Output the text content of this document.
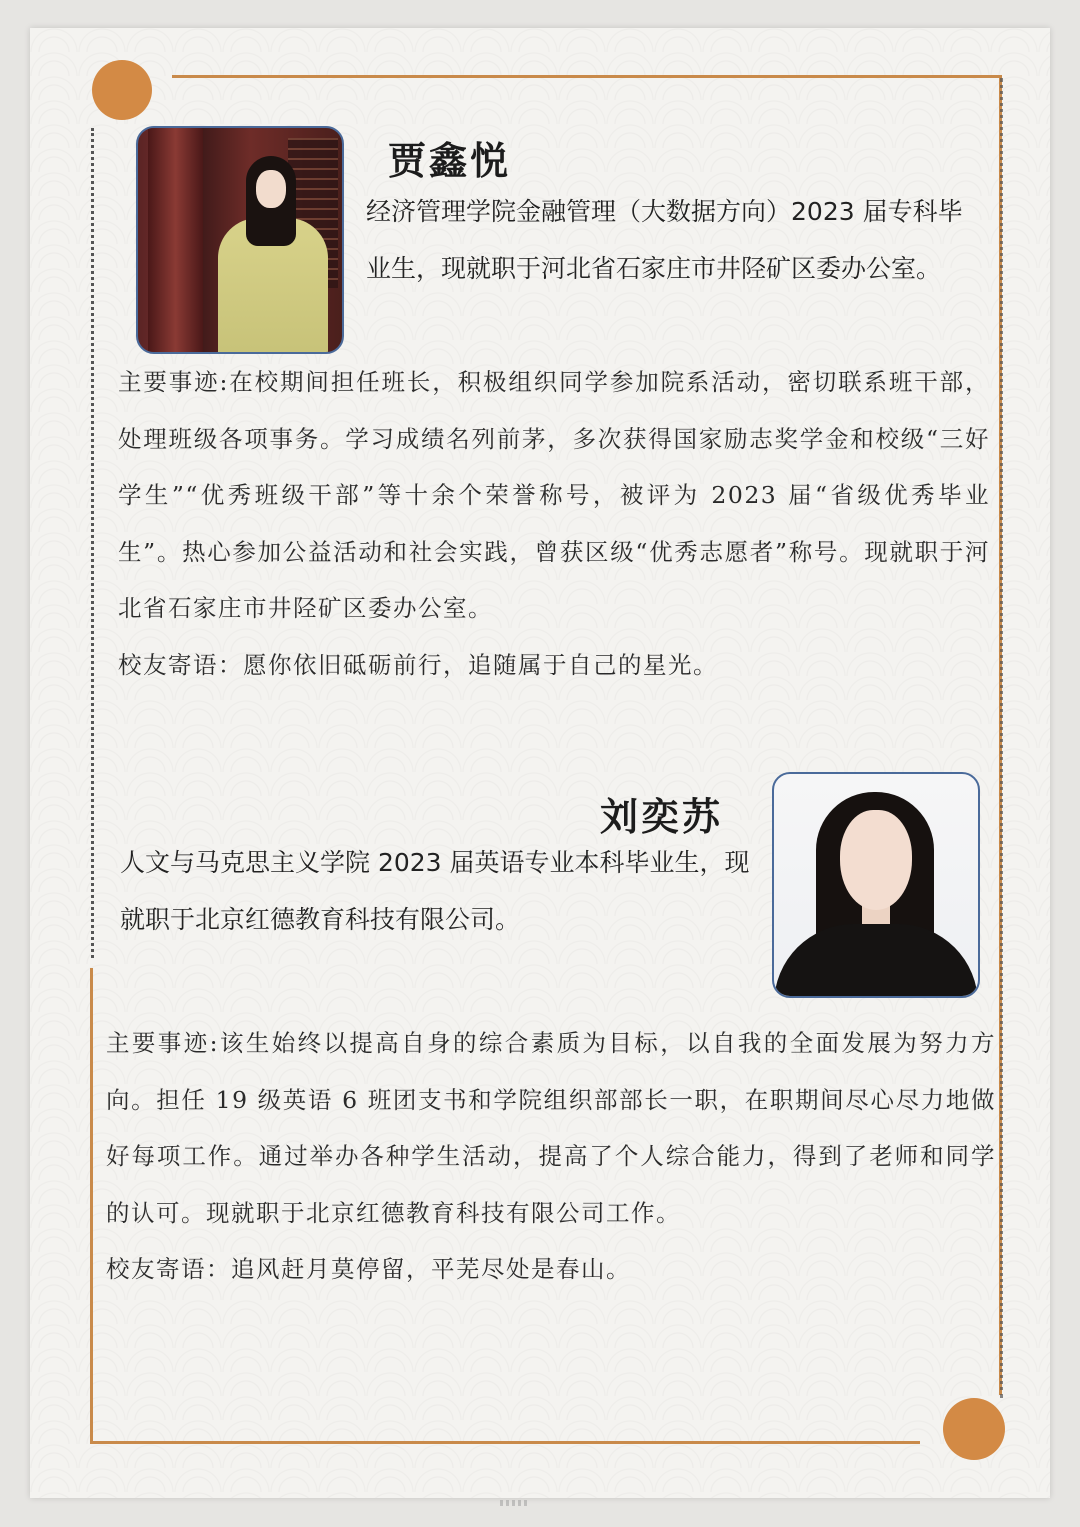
贾鑫悦
经济管理学院金融管理（大数据方向）2023 届专科毕业生，现就职于河北省石家庄市井陉矿区委办公室。

主要事迹:在校期间担任班长，积极组织同学参加院系活动，密切联系班干部，处理班级各项事务。学习成绩名列前茅，多次获得国家励志奖学金和校级“三好学生”“优秀班级干部”等十余个荣誉称号，被评为 2023 届“省级优秀毕业生”。热心参加公益活动和社会实践，曾获区级“优秀志愿者”称号。现就职于河北省石家庄市井陉矿区委办公室。

校友寄语：愿你依旧砥砺前行，追随属于自己的星光。

刘奕苏
人文与马克思主义学院 2023 届英语专业本科毕业生，现就职于北京红德教育科技有限公司。

主要事迹:该生始终以提高自身的综合素质为目标，以自我的全面发展为努力方向。担任 19 级英语 6 班团支书和学院组织部部长一职，在职期间尽心尽力地做好每项工作。通过举办各种学生活动，提高了个人综合能力，得到了老师和同学的认可。现就职于北京红德教育科技有限公司工作。

校友寄语：追风赶月莫停留，平芜尽处是春山。
